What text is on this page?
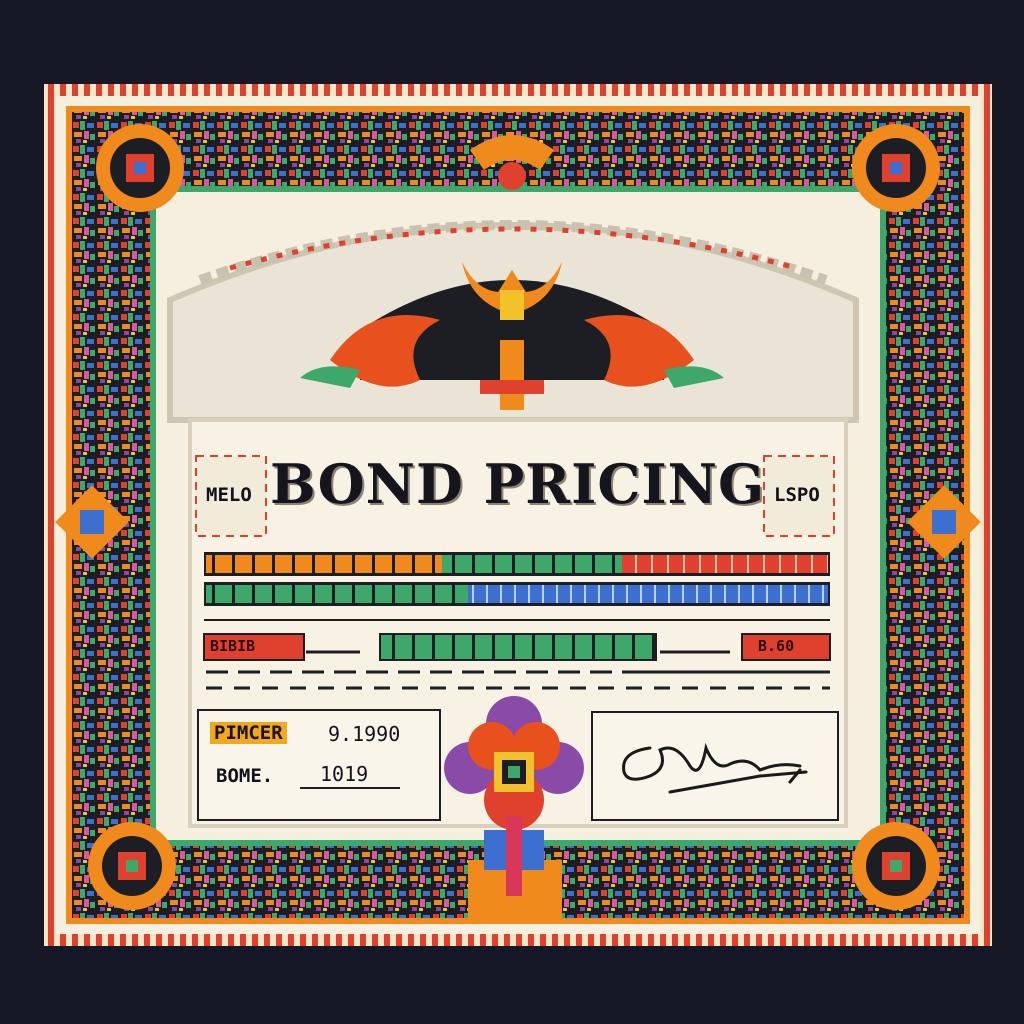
BOND PRICING
MELO	LSPO
BIBIB	B.60
PIMCER 9.1990
BOME. 1019
